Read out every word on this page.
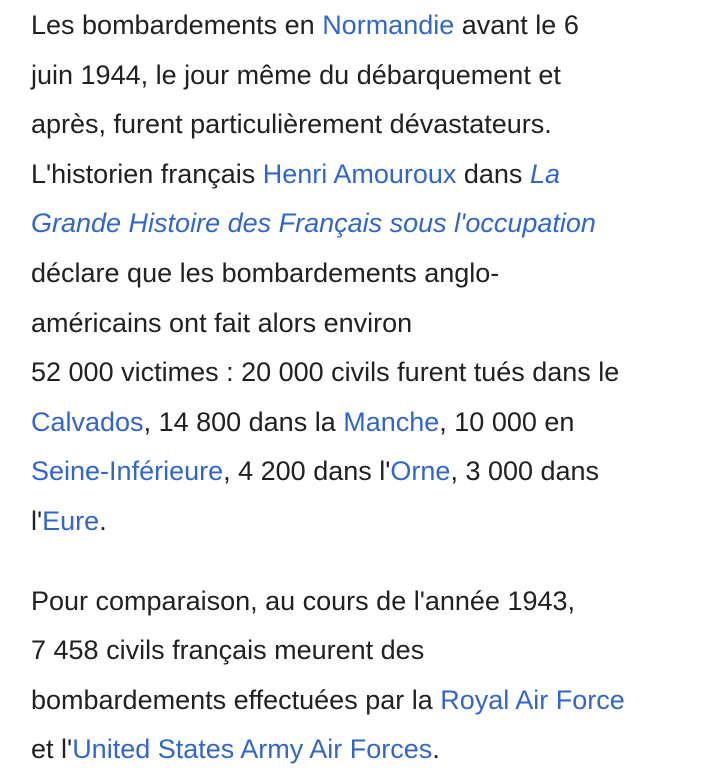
Les bombardements en Normandie avant le 6
juin 1944, le jour même du débarquement et
après, furent particulièrement dévastateurs.
L'historien français Henri Amouroux dans La
Grande Histoire des Français sous l'occupation
déclare que les bombardements anglo-
américains ont fait alors environ
52 000 victimes : 20 000 civils furent tués dans le
Calvados, 14 800 dans la Manche, 10 000 en
Seine-Inférieure, 4 200 dans l'Orne, 3 000 dans
l'Eure.

Pour comparaison, au cours de l'année 1943,
7 458 civils français meurent des
bombardements effectuées par la Royal Air Force
et l'United States Army Air Forces.
